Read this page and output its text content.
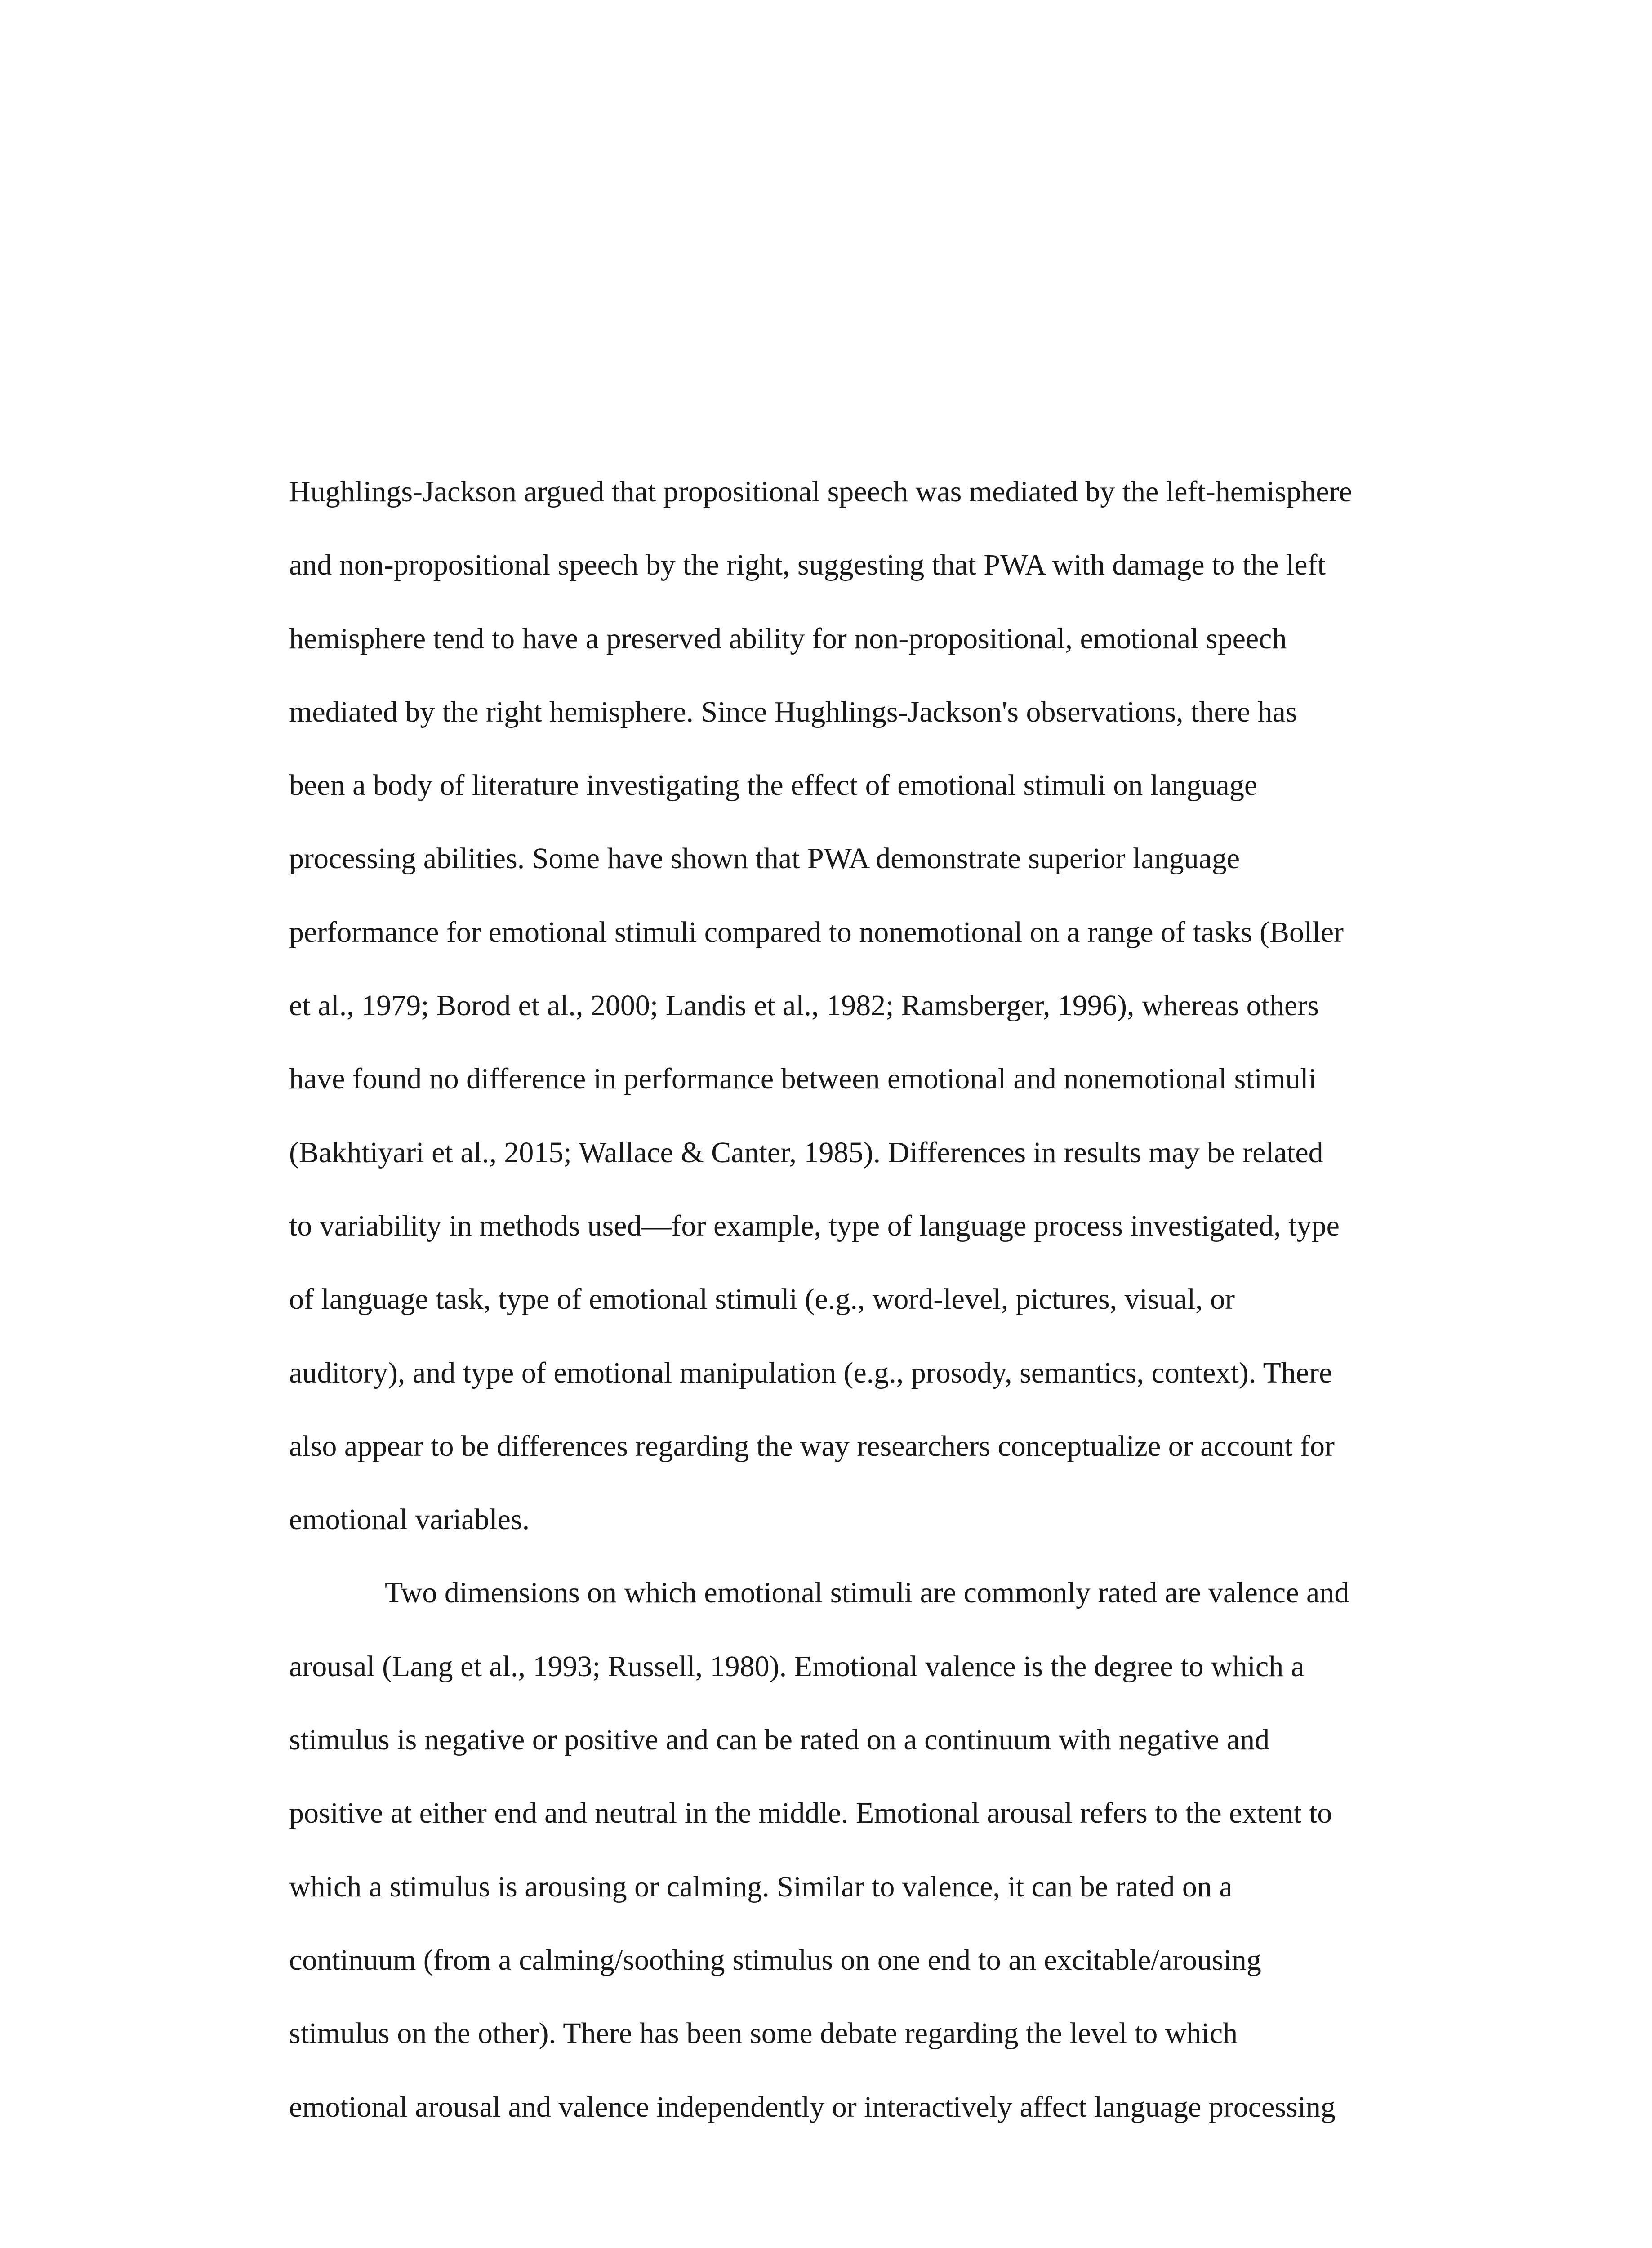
Hughlings-Jackson argued that propositional speech was mediated by the left-hemisphere
and non-propositional speech by the right, suggesting that PWA with damage to the left
hemisphere tend to have a preserved ability for non-propositional, emotional speech
mediated by the right hemisphere. Since Hughlings-Jackson's observations, there has
been a body of literature investigating the effect of emotional stimuli on language
processing abilities. Some have shown that PWA demonstrate superior language
performance for emotional stimuli compared to nonemotional on a range of tasks (Boller
et al., 1979; Borod et al., 2000; Landis et al., 1982; Ramsberger, 1996), whereas others
have found no difference in performance between emotional and nonemotional stimuli
(Bakhtiyari et al., 2015; Wallace & Canter, 1985). Differences in results may be related
to variability in methods used—for example, type of language process investigated, type
of language task, type of emotional stimuli (e.g., word-level, pictures, visual, or
auditory), and type of emotional manipulation (e.g., prosody, semantics, context). There
also appear to be differences regarding the way researchers conceptualize or account for
emotional variables.
Two dimensions on which emotional stimuli are commonly rated are valence and
arousal (Lang et al., 1993; Russell, 1980). Emotional valence is the degree to which a
stimulus is negative or positive and can be rated on a continuum with negative and
positive at either end and neutral in the middle. Emotional arousal refers to the extent to
which a stimulus is arousing or calming. Similar to valence, it can be rated on a
continuum (from a calming/soothing stimulus on one end to an excitable/arousing
stimulus on the other). There has been some debate regarding the level to which
emotional arousal and valence independently or interactively affect language processing
